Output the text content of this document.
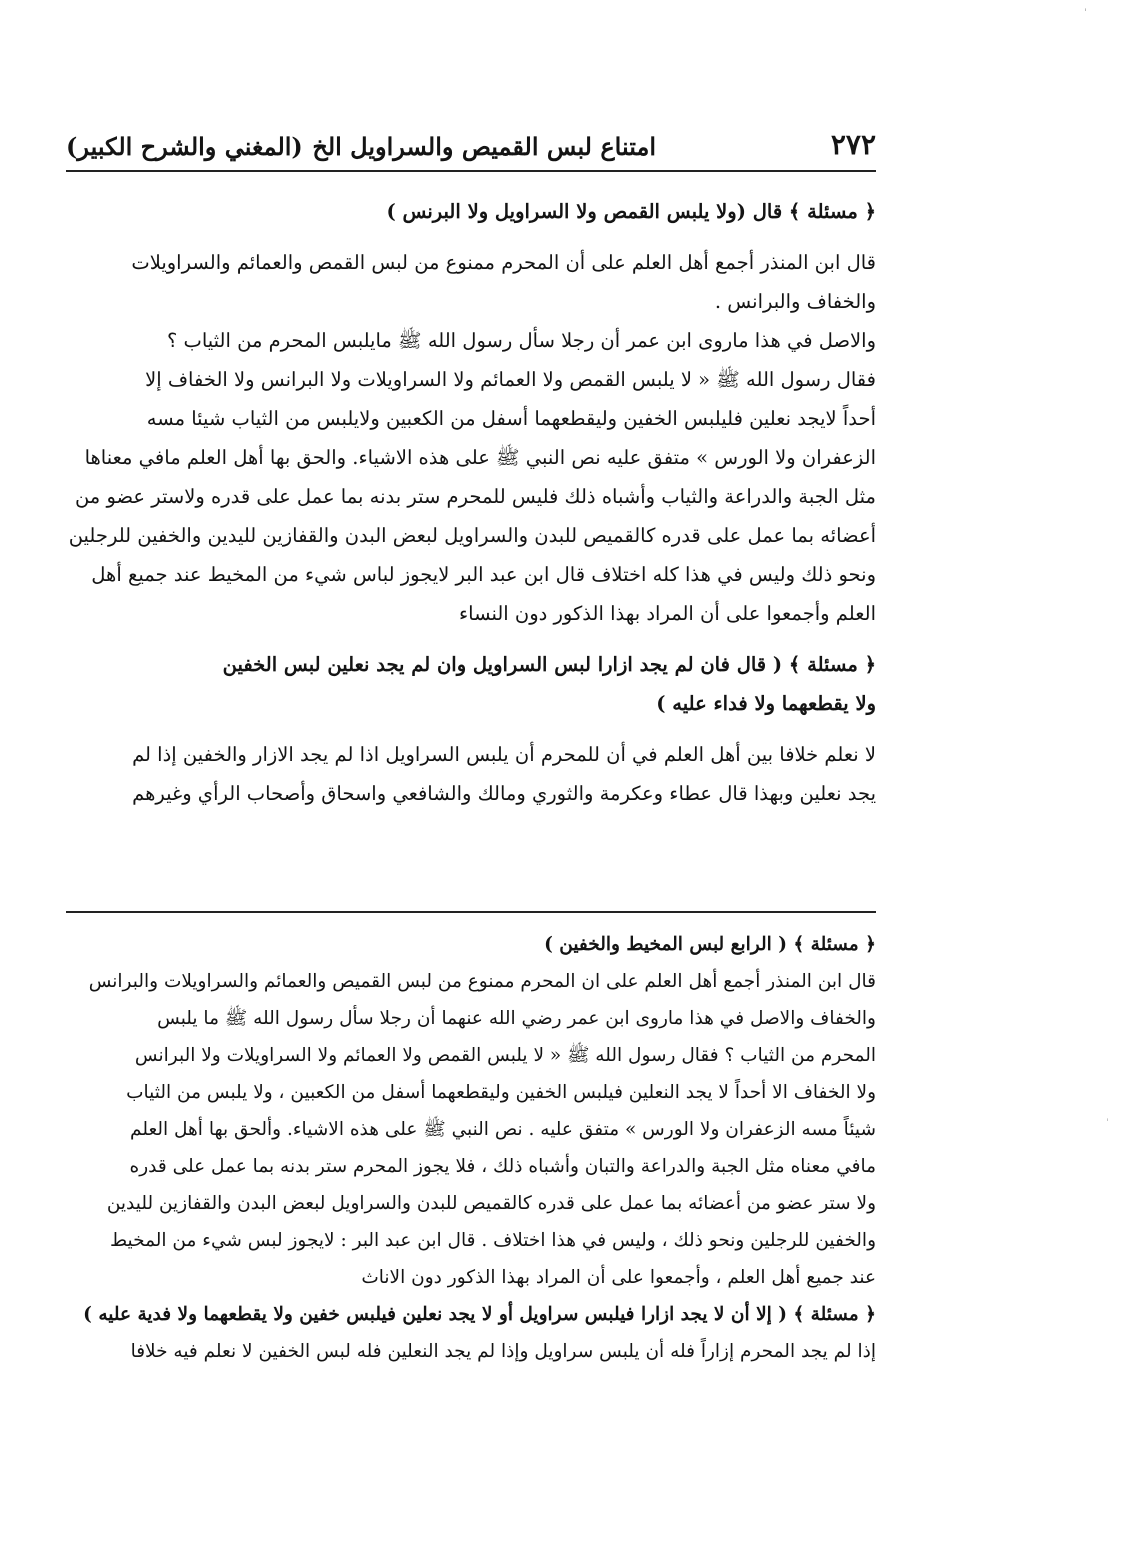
ˈ
ˈ
٢٧٢
امتناع لبس القميص والسراويل الخ
(المغني والشرح الكبير)
﴿ مسئلة ﴾ قال (ولا يلبس القمص ولا السراويل ولا البرنس )
قال ابن المنذر أجمع أهل العلم على أن المحرم ممنوع من لبس القمص والعمائم والسراويلات
والخفاف والبرانس .
والاصل في هذا ماروى ابن عمر أن رجلا سأل رسول الله ﷺ مايلبس المحرم من الثياب ؟
فقال رسول الله ﷺ « لا يلبس القمص ولا العمائم ولا السراويلات ولا البرانس ولا الخفاف إلا
أحداً لايجد نعلين فليلبس الخفين وليقطعهما أسفل من الكعبين ولايلبس من الثياب شيئا مسه
الزعفران ولا الورس » متفق عليه نص النبي ﷺ على هذه الاشياء. والحق بها أهل العلم مافي معناها
مثل الجبة والدراعة والثياب وأشباه ذلك فليس للمحرم ستر بدنه بما عمل على قدره ولاستر عضو من
أعضائه بما عمل على قدره كالقميص للبدن والسراويل لبعض البدن والقفازين لليدين والخفين للرجلين
ونحو ذلك وليس في هذا كله اختلاف قال ابن عبد البر لايجوز لباس شيء من المخيط عند جميع أهل
العلم وأجمعوا على أن المراد بهذا الذكور دون النساء
﴿ مسئلة ﴾ ( قال فان لم يجد ازارا لبس السراويل وان لم يجد نعلين لبس الخفين
ولا يقطعهما ولا فداء عليه )
لا نعلم خلافا بين أهل العلم في أن للمحرم أن يلبس السراويل اذا لم يجد الازار والخفين إذا لم
يجد نعلين وبهذا قال عطاء وعكرمة والثوري ومالك والشافعي واسحاق وأصحاب الرأي وغيرهم
﴿ مسئلة ﴾ ( الرابع لبس المخيط والخفين )
قال ابن المنذر أجمع أهل العلم على ان المحرم ممنوع من لبس القميص والعمائم والسراويلات والبرانس
والخفاف والاصل في هذا ماروى ابن عمر رضي الله عنهما أن رجلا سأل رسول الله ﷺ ما يلبس
المحرم من الثياب ؟ فقال رسول الله ﷺ « لا يلبس القمص ولا العمائم ولا السراويلات ولا البرانس
ولا الخفاف الا أحداً لا يجد النعلين فيلبس الخفين وليقطعهما أسفل من الكعبين ، ولا يلبس من الثياب
شيئاً مسه الزعفران ولا الورس » متفق عليه . نص النبي ﷺ على هذه الاشياء. وألحق بها أهل العلم
مافي معناه مثل الجبة والدراعة والتبان وأشباه ذلك ، فلا يجوز المحرم ستر بدنه بما عمل على قدره
ولا ستر عضو من أعضائه بما عمل على قدره كالقميص للبدن والسراويل لبعض البدن والقفازين لليدين
والخفين للرجلين ونحو ذلك ، وليس في هذا اختلاف . قال ابن عبد البر : لايجوز لبس شيء من المخيط
عند جميع أهل العلم ، وأجمعوا على أن المراد بهذا الذكور دون الاناث
﴿ مسئلة ﴾ ( إلا أن لا يجد ازارا فيلبس سراويل أو لا يجد نعلين فيلبس خفين ولا يقطعهما ولا فدية عليه )
إذا لم يجد المحرم إزاراً فله أن يلبس سراويل وإذا لم يجد النعلين فله لبس الخفين لا نعلم فيه خلافا
